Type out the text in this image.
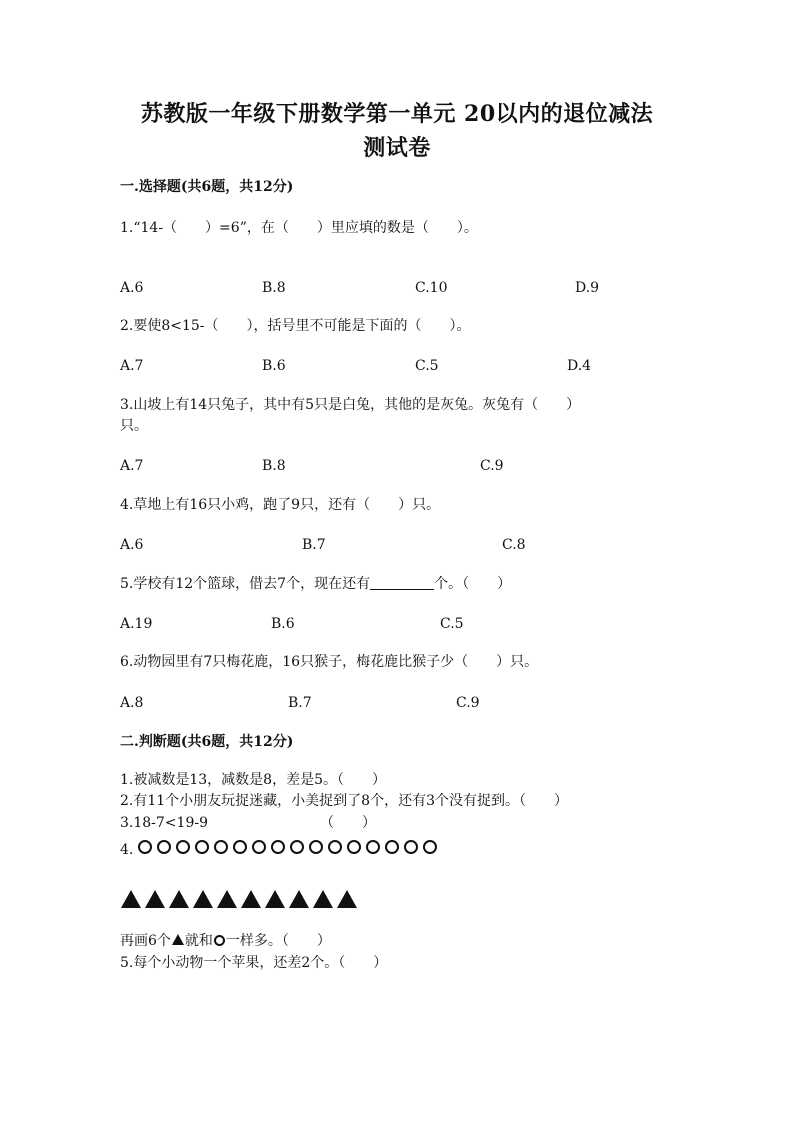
苏教版一年级下册数学第一单元 20以内的退位减法
测试卷
一.选择题(共6题，共12分)
1.“14-（　　）=6”，在（　　）里应填的数是（　　）。
A.6	B.8	C.10	D.9
2.要使8<15-（　　），括号里不可能是下面的（　　）。
A.7	B.6	C.5	D.4
3.山坡上有14只兔子，其中有5只是白兔，其他的是灰兔。灰兔有（　　）
只。
A.7	B.8	C.9
4.草地上有16只小鸡，跑了9只，还有（　　）只。
A.6	B.7	C.8
5.学校有12个篮球，借去7个，现在还有	个。（　　）
A.19	B.6	C.5
6.动物园里有7只梅花鹿，16只猴子，梅花鹿比猴子少（　　）只。
A.8	B.7	C.9
二.判断题(共6题，共12分)
1.被减数是13，减数是8，差是5。（　　）
2.有11个小朋友玩捉迷藏，小美捉到了8个，还有3个没有捉到。（　　）
3.18-7<19-9	（　　）
4.
再画6个 就和 一样多。（　　）
5.每个小动物一个苹果，还差2个。（　　）
